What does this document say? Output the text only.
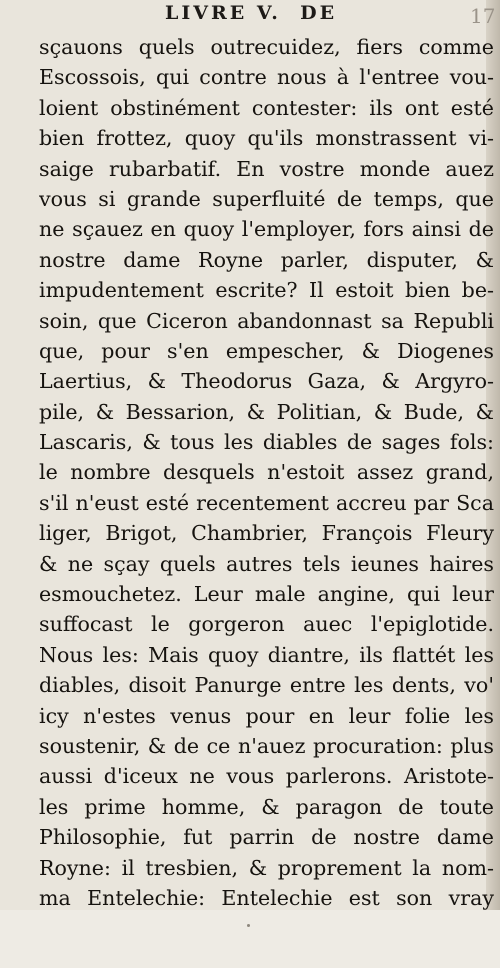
LIVRE V.  DE	17
sçauons quels outrecuidez, fiers comme
Escossois, qui contre nous à l'entree vou-
loient obstinément contester: ils ont esté
bien frottez, quoy qu'ils monstrassent vi-
saige rubarbatif. En vostre monde auez
vous si grande superfluité de temps, que
ne sçauez en quoy l'employer, fors ainsi de
nostre dame Royne parler, disputer, &
impudentement escrite? Il estoit bien be-
soin, que Ciceron abandonnast sa Republi
que, pour s'en empescher, & Diogenes
Laertius, & Theodorus Gaza, & Argyro-
pile, & Bessarion, & Politian, & Bude, &
Lascaris, & tous les diables de sages fols:
le nombre desquels n'estoit assez grand,
s'il n'eust esté recentement accreu par Sca
liger, Brigot, Chambrier, François Fleury
& ne sçay quels autres tels ieunes haires
esmouchetez. Leur male angine, qui leur
suffocast le gorgeron auec l'epiglotide.
Nous les: Mais quoy diantre, ils flattét les
diables, disoit Panurge entre les dents, vo'
icy n'estes venus pour en leur folie les
soustenir, & de ce n'auez procuration: plus
aussi d'iceux ne vous parlerons. Aristote-
les prime homme, & paragon de toute
Philosophie, fut parrin de nostre dame
Royne: il tresbien, & proprement la nom-
ma Entelechie: Entelechie est son vray
